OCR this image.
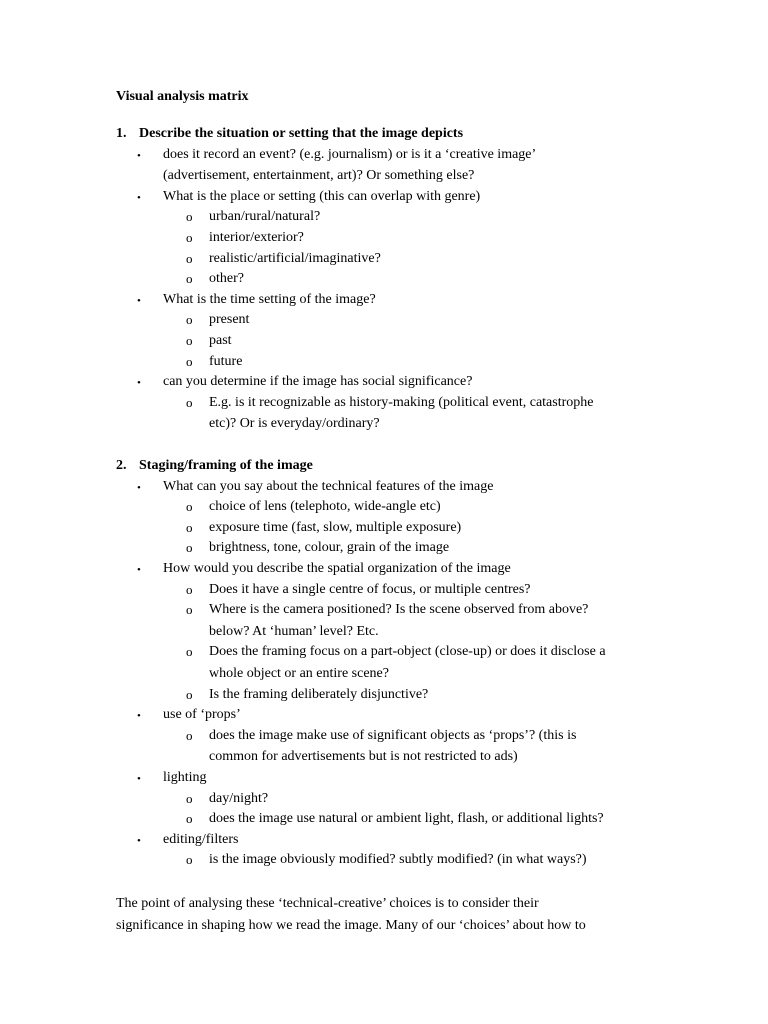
Visual analysis matrix
1. Describe the situation or setting that the image depicts
• does it record an event? (e.g. journalism) or is it a ‘creative image’
(advertisement, entertainment, art)? Or something else?
• What is the place or setting (this can overlap with genre)
o urban/rural/natural?
o interior/exterior?
o realistic/artificial/imaginative?
o other?
• What is the time setting of the image?
o present
o past
o future
• can you determine if the image has social significance?
o E.g. is it recognizable as history-making (political event, catastrophe
etc)? Or is everyday/ordinary?
2. Staging/framing of the image
• What can you say about the technical features of the image
o choice of lens (telephoto, wide-angle etc)
o exposure time (fast, slow, multiple exposure)
o brightness, tone, colour, grain of the image
• How would you describe the spatial organization of the image
o Does it have a single centre of focus, or multiple centres?
o Where is the camera positioned? Is the scene observed from above?
below? At ‘human’ level? Etc.
o Does the framing focus on a part-object (close-up) or does it disclose a
whole object or an entire scene?
o Is the framing deliberately disjunctive?
• use of ‘props’
o does the image make use of significant objects as ‘props’? (this is
common for advertisements but is not restricted to ads)
• lighting
o day/night?
o does the image use natural or ambient light, flash, or additional lights?
• editing/filters
o is the image obviously modified? subtly modified? (in what ways?)
The point of analysing these ‘technical-creative’ choices is to consider their
significance in shaping how we read the image. Many of our ‘choices’ about how to
